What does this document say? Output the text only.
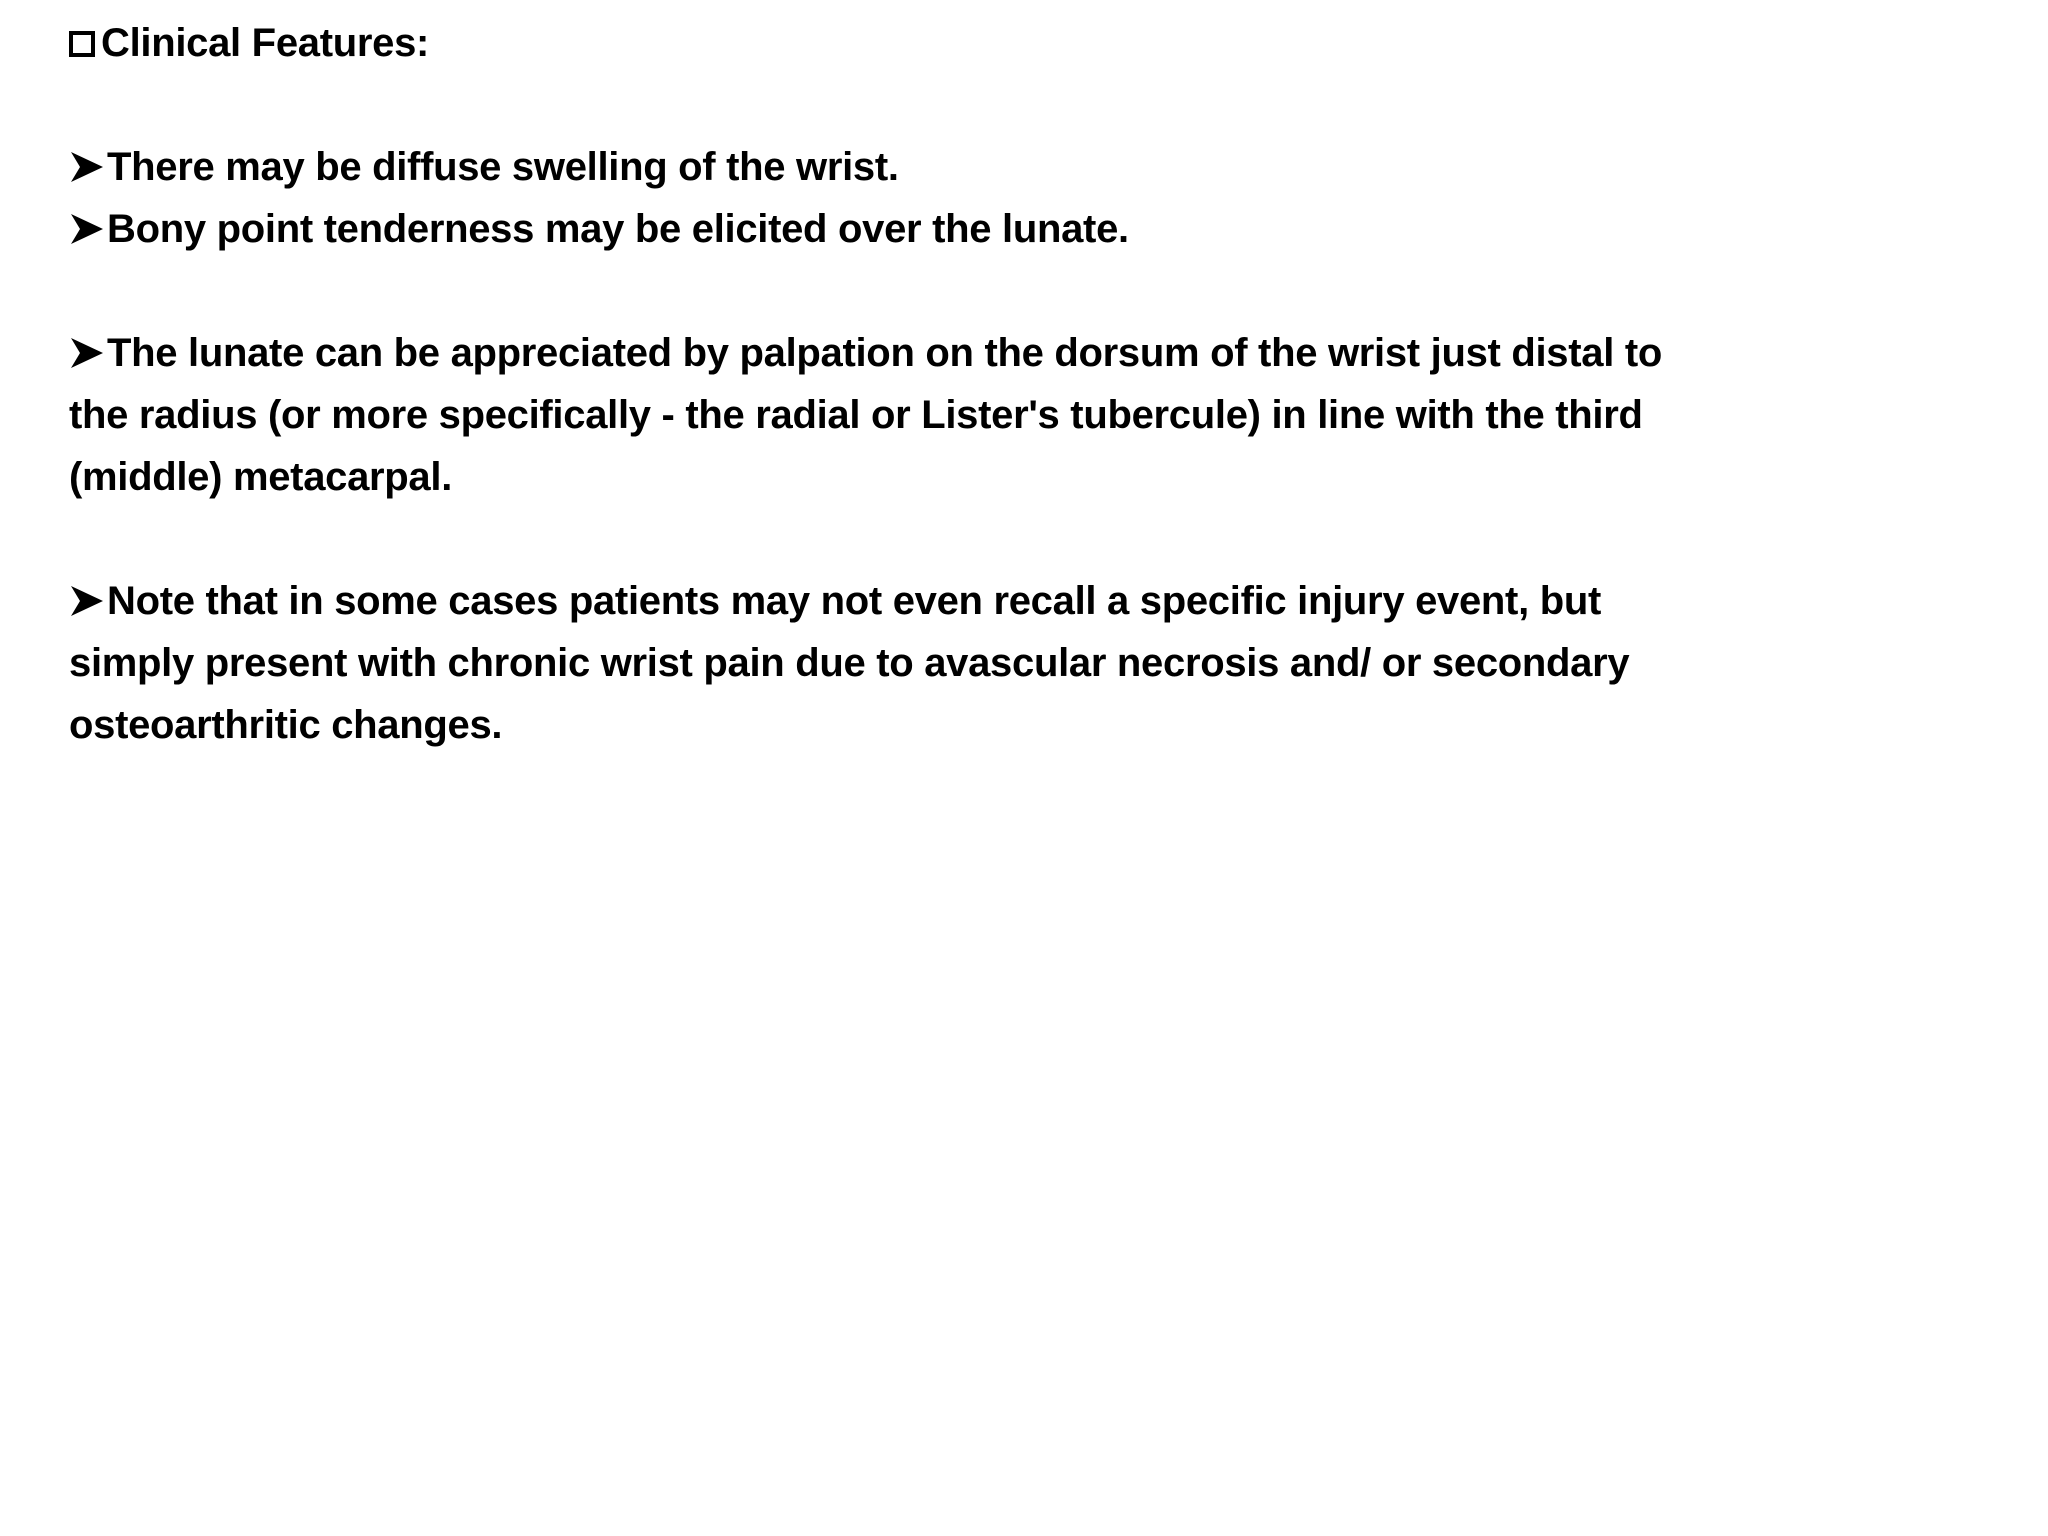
Clinical Features:
There may be diffuse swelling of the wrist.
Bony point tenderness may be elicited over the lunate.
The lunate can be appreciated by palpation on the dorsum of the wrist just distal to
the radius (or more specifically - the radial or Lister's tubercule) in line with the third
(middle) metacarpal.
Note that in some cases patients may not even recall a specific injury event, but
simply present with chronic wrist pain due to avascular necrosis and/ or secondary
osteoarthritic changes.
